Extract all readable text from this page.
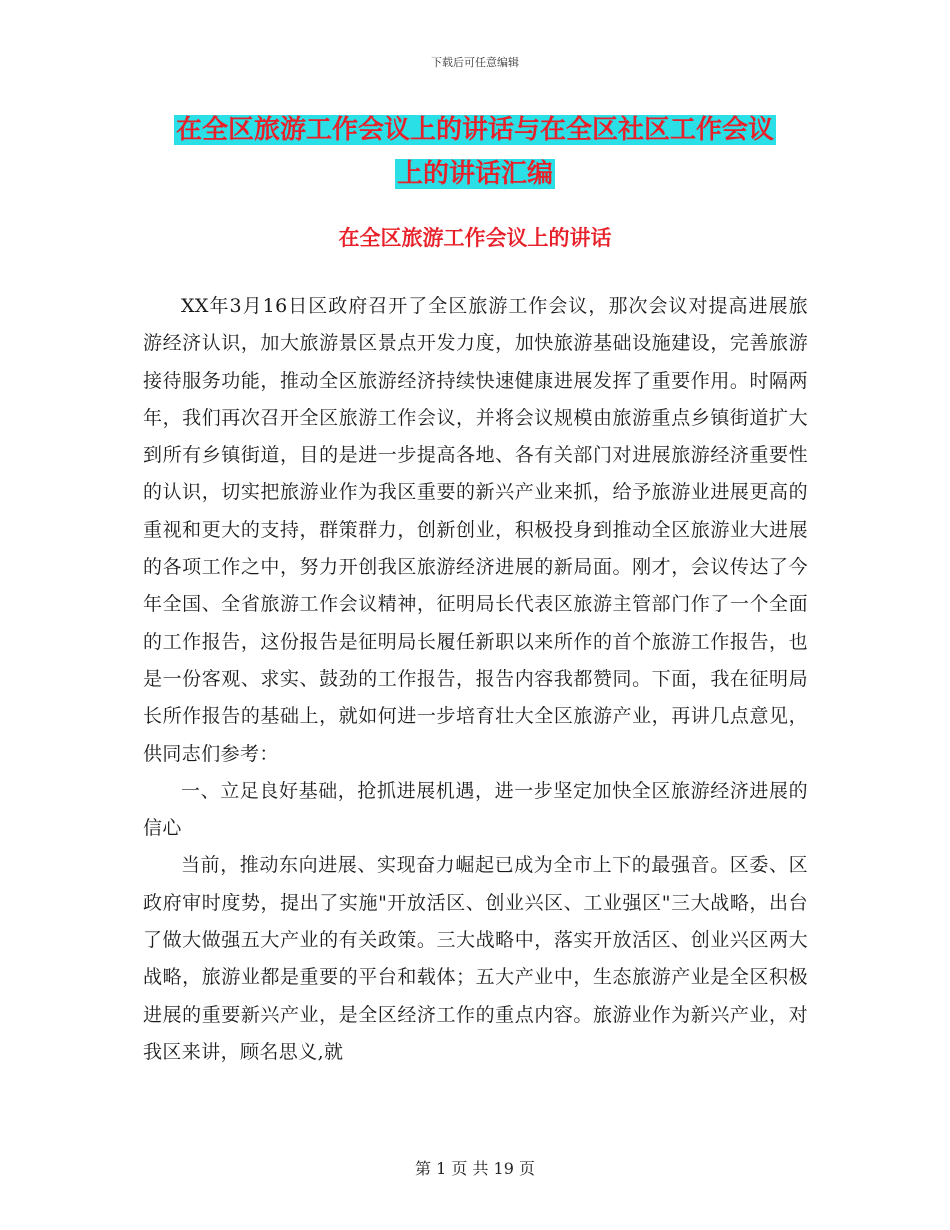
下载后可任意编辑
在全区旅游工作会议上的讲话与在全区社区工作会议
上的讲话汇编
在全区旅游工作会议上的讲话

XX年3月16日区政府召开了全区旅游工作会议，那次会议对提高进展旅游经济认识，加大旅游景区景点开发力度，加快旅游基础设施建设，完善旅游接待服务功能，推动全区旅游经济持续快速健康进展发挥了重要作用。时隔两年，我们再次召开全区旅游工作会议，并将会议规模由旅游重点乡镇街道扩大到所有乡镇街道，目的是进一步提高各地、各有关部门对进展旅游经济重要性的认识，切实把旅游业作为我区重要的新兴产业来抓，给予旅游业进展更高的重视和更大的支持，群策群力，创新创业，积极投身到推动全区旅游业大进展的各项工作之中，努力开创我区旅游经济进展的新局面。刚才，会议传达了今年全国、全省旅游工作会议精神，征明局长代表区旅游主管部门作了一个全面的工作报告，这份报告是征明局长履任新职以来所作的首个旅游工作报告，也是一份客观、求实、鼓劲的工作报告，报告内容我都赞同。下面，我在征明局长所作报告的基础上，就如何进一步培育壮大全区旅游产业，再讲几点意见，供同志们参考：

一、立足良好基础，抢抓进展机遇，进一步坚定加快全区旅游经济进展的信心

当前，推动东向进展、实现奋力崛起已成为全市上下的最强音。区委、区政府审时度势，提出了实施"开放活区、创业兴区、工业强区"三大战略，出台了做大做强五大产业的有关政策。三大战略中，落实开放活区、创业兴区两大战略，旅游业都是重要的平台和载体；五大产业中，生态旅游产业是全区积极进展的重要新兴产业，是全区经济工作的重点内容。旅游业作为新兴产业，对我区来讲，顾名思义,就

第 1 页 共 19 页
